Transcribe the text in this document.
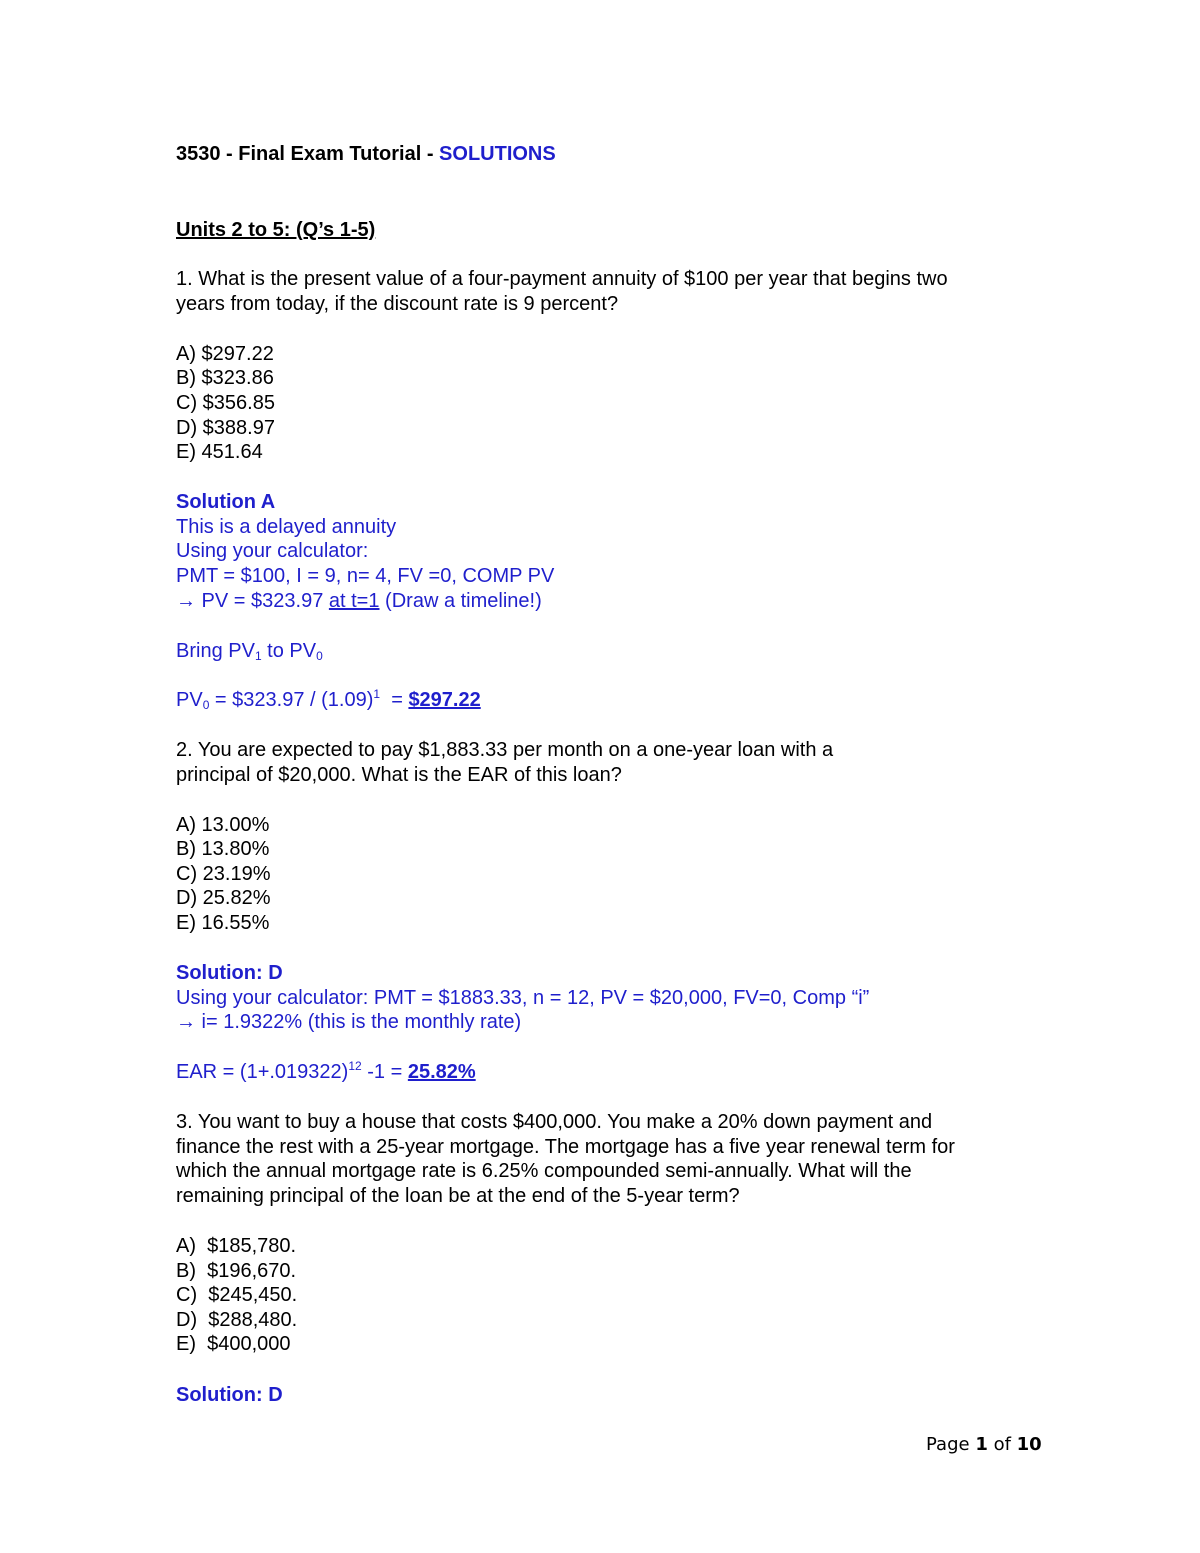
3530 - Final Exam Tutorial - SOLUTIONS
Units 2 to 5: (Q’s 1-5)
1. What is the present value of a four-payment annuity of $100 per year that begins two
years from today, if the discount rate is 9 percent?
A) $297.22
B) $323.86
C) $356.85
D) $388.97
E) 451.64
Solution A
This is a delayed annuity
Using your calculator:
PMT = $100, I = 9, n= 4, FV =0, COMP PV
→ PV = $323.97 at t=1 (Draw a timeline!)
Bring $PV_1$ to $PV_0$
$PV_0$ = $323.97 / $(1.09)^1$  = $297.22
2. You are expected to pay $1,883.33 per month on a one-year loan with a
principal of $20,000. What is the EAR of this loan?
A) 13.00%
B) 13.80%
C) 23.19%
D) 25.82%
E) 16.55%
Solution: D
Using your calculator: PMT = $1883.33, n = 12, PV = $20,000, FV=0, Comp “i”
→ i= 1.9322% (this is the monthly rate)
EAR = $(1+.019322)^{12}$ -1 = 25.82%
3. You want to buy a house that costs $400,000. You make a 20% down payment and
finance the rest with a 25-year mortgage. The mortgage has a five year renewal term for
which the annual mortgage rate is 6.25% compounded semi-annually. What will the
remaining principal of the loan be at the end of the 5-year term?
A)  $185,780.
B)  $196,670.
C)  $245,450.
D)  $288,480.
E)  $400,000
Solution: D
Page 1 of 10
